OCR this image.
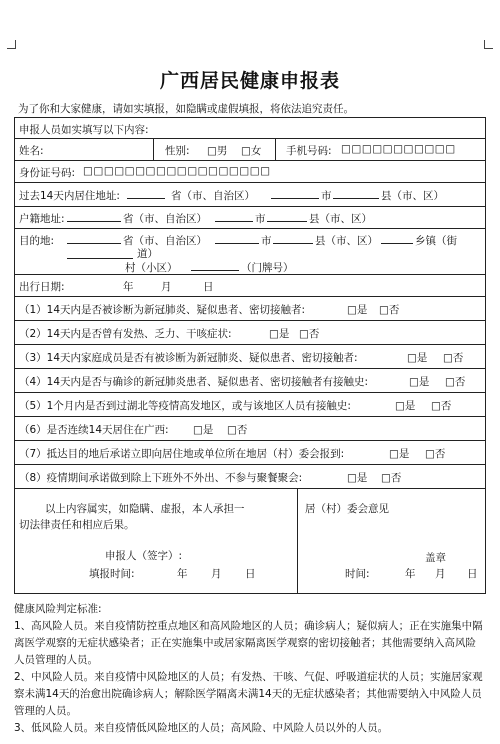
广西居民健康申报表
为了你和大家健康，请如实填报，如隐瞒或虚假填报，将依法追究责任。
申报人员如实填写以下内容:
姓名:	性别: □男 □女 手机号码: □□□□□□□□□□□
身份证号码: □□□□□□□□□□□□□□□□□□
过去14天内居住地址:	省（市、自治区）	市	县（市、区）
户籍地址:	省（市、自治区）	市	县（市、区）
目的地:	省（市、自治区）	市	县（市、区）	乡镇（街
道）
村（小区）	（门牌号）
出行日期:	年	月	日
（1）14天内是否被诊断为新冠肺炎、疑似患者、密切接触者:	□是 □否
（2）14天内是否曾有发热、乏力、干咳症状:	□是 □否
（3）14天内家庭成员是否有被诊断为新冠肺炎、疑似患者、密切接触者:	□是 □否
（4）14天内是否与确诊的新冠肺炎患者、疑似患者、密切接触者有接触史:	□是 □否
（5）1个月内是否到过湖北等疫情高发地区，或与该地区人员有接触史:	□是 □否
（6）是否连续14天居住在广西: □是 □否
（7）抵达目的地后承诺立即向居住地或单位所在地居（村）委会报到:	□是 □否
（8）疫情期间承诺做到除上下班外不外出、不参与聚餐聚会:	□是 □否
以上内容属实，如隐瞒、虚报，本人承担一
切法律责任和相应后果。
居（村）委会意见
申报人（签字）:
填报时间:	年 月 日
盖章
时间:	年 月 日

健康风险判定标准:

1、高风险人员。来自疫情防控重点地区和高风险地区的人员；确诊病人；疑似病人；正在实施集中隔离医学观察的无症状感染者；正在实施集中或居家隔离医学观察的密切接触者；其他需要纳入高风险人员管理的人员。

2、中风险人员。来自疫情中风险地区的人员；有发热、干咳、气促、呼吸道症状的人员；实施居家观察未满14天的治愈出院确诊病人；解除医学隔离未满14天的无症状感染者；其他需要纳入中风险人员管理的人员。

3、低风险人员。来自疫情低风险地区的人员；高风险、中风险人员以外的人员。
